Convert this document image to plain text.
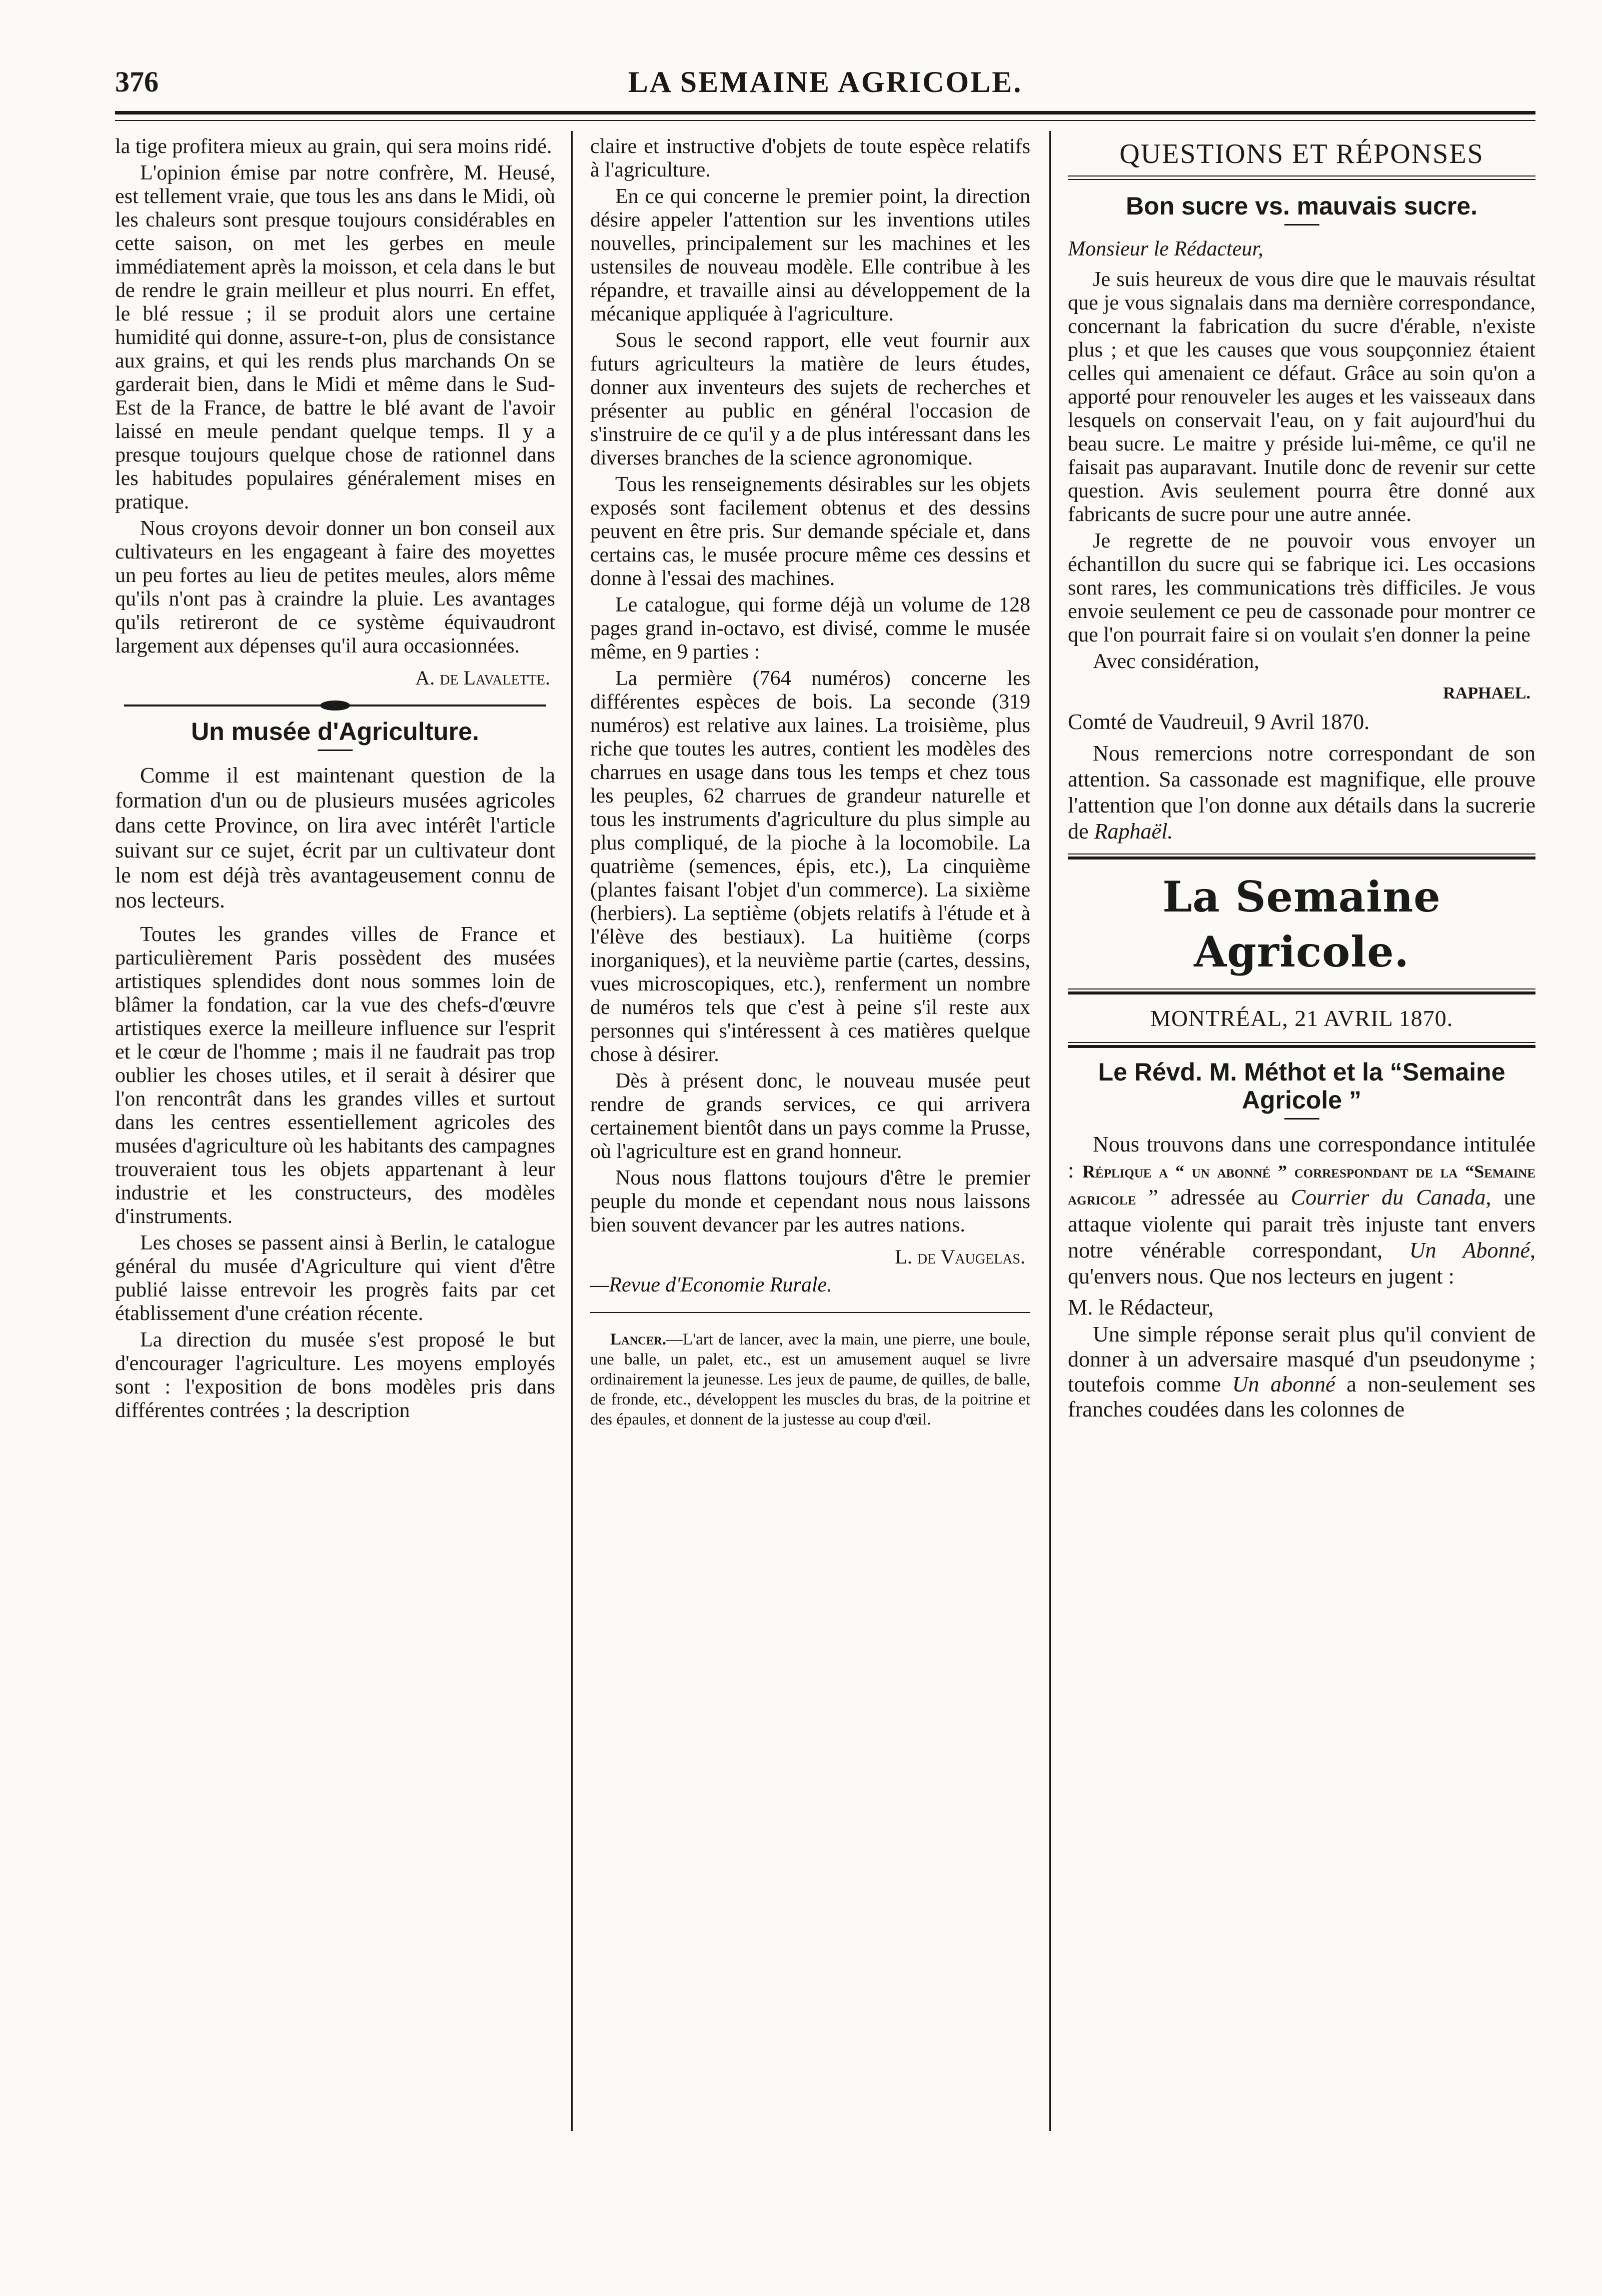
376	LA SEMAINE AGRICOLE.

la tige profitera mieux au grain, qui sera moins ridé.

L'opinion émise par notre confrère, M. Heusé, est tellement vraie, que tous les ans dans le Midi, où les chaleurs sont presque toujours considérables en cette saison, on met les gerbes en meule immédiatement après la moisson, et cela dans le but de rendre le grain meilleur et plus nourri. En effet, le blé ressue ; il se produit alors une certaine humidité qui donne, assure-t-on, plus de consistance aux grains, et qui les rends plus marchands On se garderait bien, dans le Midi et même dans le Sud-Est de la France, de battre le blé avant de l'avoir laissé en meule pendant quelque temps. Il y a presque toujours quelque chose de rationnel dans les habitudes populaires généralement mises en pratique.

Nous croyons devoir donner un bon conseil aux cultivateurs en les engageant à faire des moyettes un peu fortes au lieu de petites meules, alors même qu'ils n'ont pas à craindre la pluie. Les avantages qu'ils retireront de ce système équivaudront largement aux dépenses qu'il aura occasionnées.

A. de Lavalette.
Un musée d'Agriculture.

Comme il est maintenant question de la formation d'un ou de plusieurs musées agricoles dans cette Province, on lira avec intérêt l'article suivant sur ce sujet, écrit par un cultivateur dont le nom est déjà très avantageusement connu de nos lecteurs.

Toutes les grandes villes de France et particulièrement Paris possèdent des musées artistiques splendides dont nous sommes loin de blâmer la fondation, car la vue des chefs-d'œuvre artistiques exerce la meilleure influence sur l'esprit et le cœur de l'homme ; mais il ne faudrait pas trop oublier les choses utiles, et il serait à désirer que l'on rencontrât dans les grandes villes et surtout dans les centres essentiellement agricoles des musées d'agriculture où les habitants des campagnes trouveraient tous les objets appartenant à leur industrie et les constructeurs, des modèles d'instruments.

Les choses se passent ainsi à Berlin, le catalogue général du musée d'Agriculture qui vient d'être publié laisse entrevoir les progrès faits par cet établissement d'une création récente.

La direction du musée s'est proposé le but d'encourager l'agriculture. Les moyens employés sont : l'exposition de bons modèles pris dans différentes contrées ; la description

claire et instructive d'objets de toute espèce relatifs à l'agriculture.

En ce qui concerne le premier point, la direction désire appeler l'attention sur les inventions utiles nouvelles, principalement sur les machines et les ustensiles de nouveau modèle. Elle contribue à les répandre, et travaille ainsi au développement de la mécanique appliquée à l'agriculture.

Sous le second rapport, elle veut fournir aux futurs agriculteurs la matière de leurs études, donner aux inventeurs des sujets de recherches et présenter au public en général l'occasion de s'instruire de ce qu'il y a de plus intéressant dans les diverses branches de la science agronomique.

Tous les renseignements désirables sur les objets exposés sont facilement obtenus et des dessins peuvent en être pris. Sur demande spéciale et, dans certains cas, le musée procure même ces dessins et donne à l'essai des machines.

Le catalogue, qui forme déjà un volume de 128 pages grand in-octavo, est divisé, comme le musée même, en 9 parties :

La permière (764 numéros) concerne les différentes espèces de bois. La seconde (319 numéros) est relative aux laines. La troisième, plus riche que toutes les autres, contient les modèles des charrues en usage dans tous les temps et chez tous les peuples, 62 charrues de grandeur naturelle et tous les instruments d'agriculture du plus simple au plus compliqué, de la pioche à la locomobile. La quatrième (semences, épis, etc.), La cinquième (plantes faisant l'objet d'un commerce). La sixième (herbiers). La septième (objets relatifs à l'étude et à l'élève des bestiaux). La huitième (corps inorganiques), et la neuvième partie (cartes, dessins, vues microscopiques, etc.), renferment un nombre de numéros tels que c'est à peine s'il reste aux personnes qui s'intéressent à ces matières quelque chose à désirer.

Dès à présent donc, le nouveau musée peut rendre de grands services, ce qui arrivera certainement bientôt dans un pays comme la Prusse, où l'agriculture est en grand honneur.

Nous nous flattons toujours d'être le premier peuple du monde et cependant nous nous laissons bien souvent devancer par les autres nations.

L. de Vaugelas.
—Revue d'Economie Rurale.

Lancer.—L'art de lancer, avec la main, une pierre, une boule, une balle, un palet, etc., est un amusement auquel se livre ordinairement la jeunesse. Les jeux de paume, de quilles, de balle, de fronde, etc., développent les muscles du bras, de la poitrine et des épaules, et donnent de la justesse au coup d'œil.

QUESTIONS ET RÉPONSES
Bon sucre vs. mauvais sucre.
Monsieur le Rédacteur,

Je suis heureux de vous dire que le mauvais résultat que je vous signalais dans ma dernière correspondance, concernant la fabrication du sucre d'érable, n'existe plus ; et que les causes que vous soupçonniez étaient celles qui amenaient ce défaut. Grâce au soin qu'on a apporté pour renouveler les auges et les vaisseaux dans lesquels on conservait l'eau, on y fait aujourd'hui du beau sucre. Le maitre y préside lui-même, ce qu'il ne faisait pas auparavant. Inutile donc de revenir sur cette question. Avis seulement pourra être donné aux fabricants de sucre pour une autre année.

Je regrette de ne pouvoir vous envoyer un échantillon du sucre qui se fabrique ici. Les occasions sont rares, les communications très difficiles. Je vous envoie seulement ce peu de cassonade pour montrer ce que l'on pourrait faire si on voulait s'en donner la peine

Avec considération,

RAPHAEL.

Comté de Vaudreuil, 9 Avril 1870.

Nous remercions notre correspondant de son attention. Sa cassonade est magnifique, elle prouve l'attention que l'on donne aux détails dans la sucrerie de Raphaël.

La Semaine Agricole.
MONTRÉAL, 21 AVRIL 1870.
Le Révd. M. Méthot et la “Semaine Agricole ”

Nous trouvons dans une correspondance intitulée : Réplique a “ un abonné ” correspondant de la “Semaine agricole ” adressée au Courrier du Canada, une attaque violente qui parait très injuste tant envers notre vénérable correspondant, Un Abonné, qu'envers nous. Que nos lecteurs en jugent :

M. le Rédacteur,

Une simple réponse serait plus qu'il convient de donner à un adversaire masqué d'un pseudonyme ; toutefois comme Un abonné a non-seulement ses franches coudées dans les colonnes de
